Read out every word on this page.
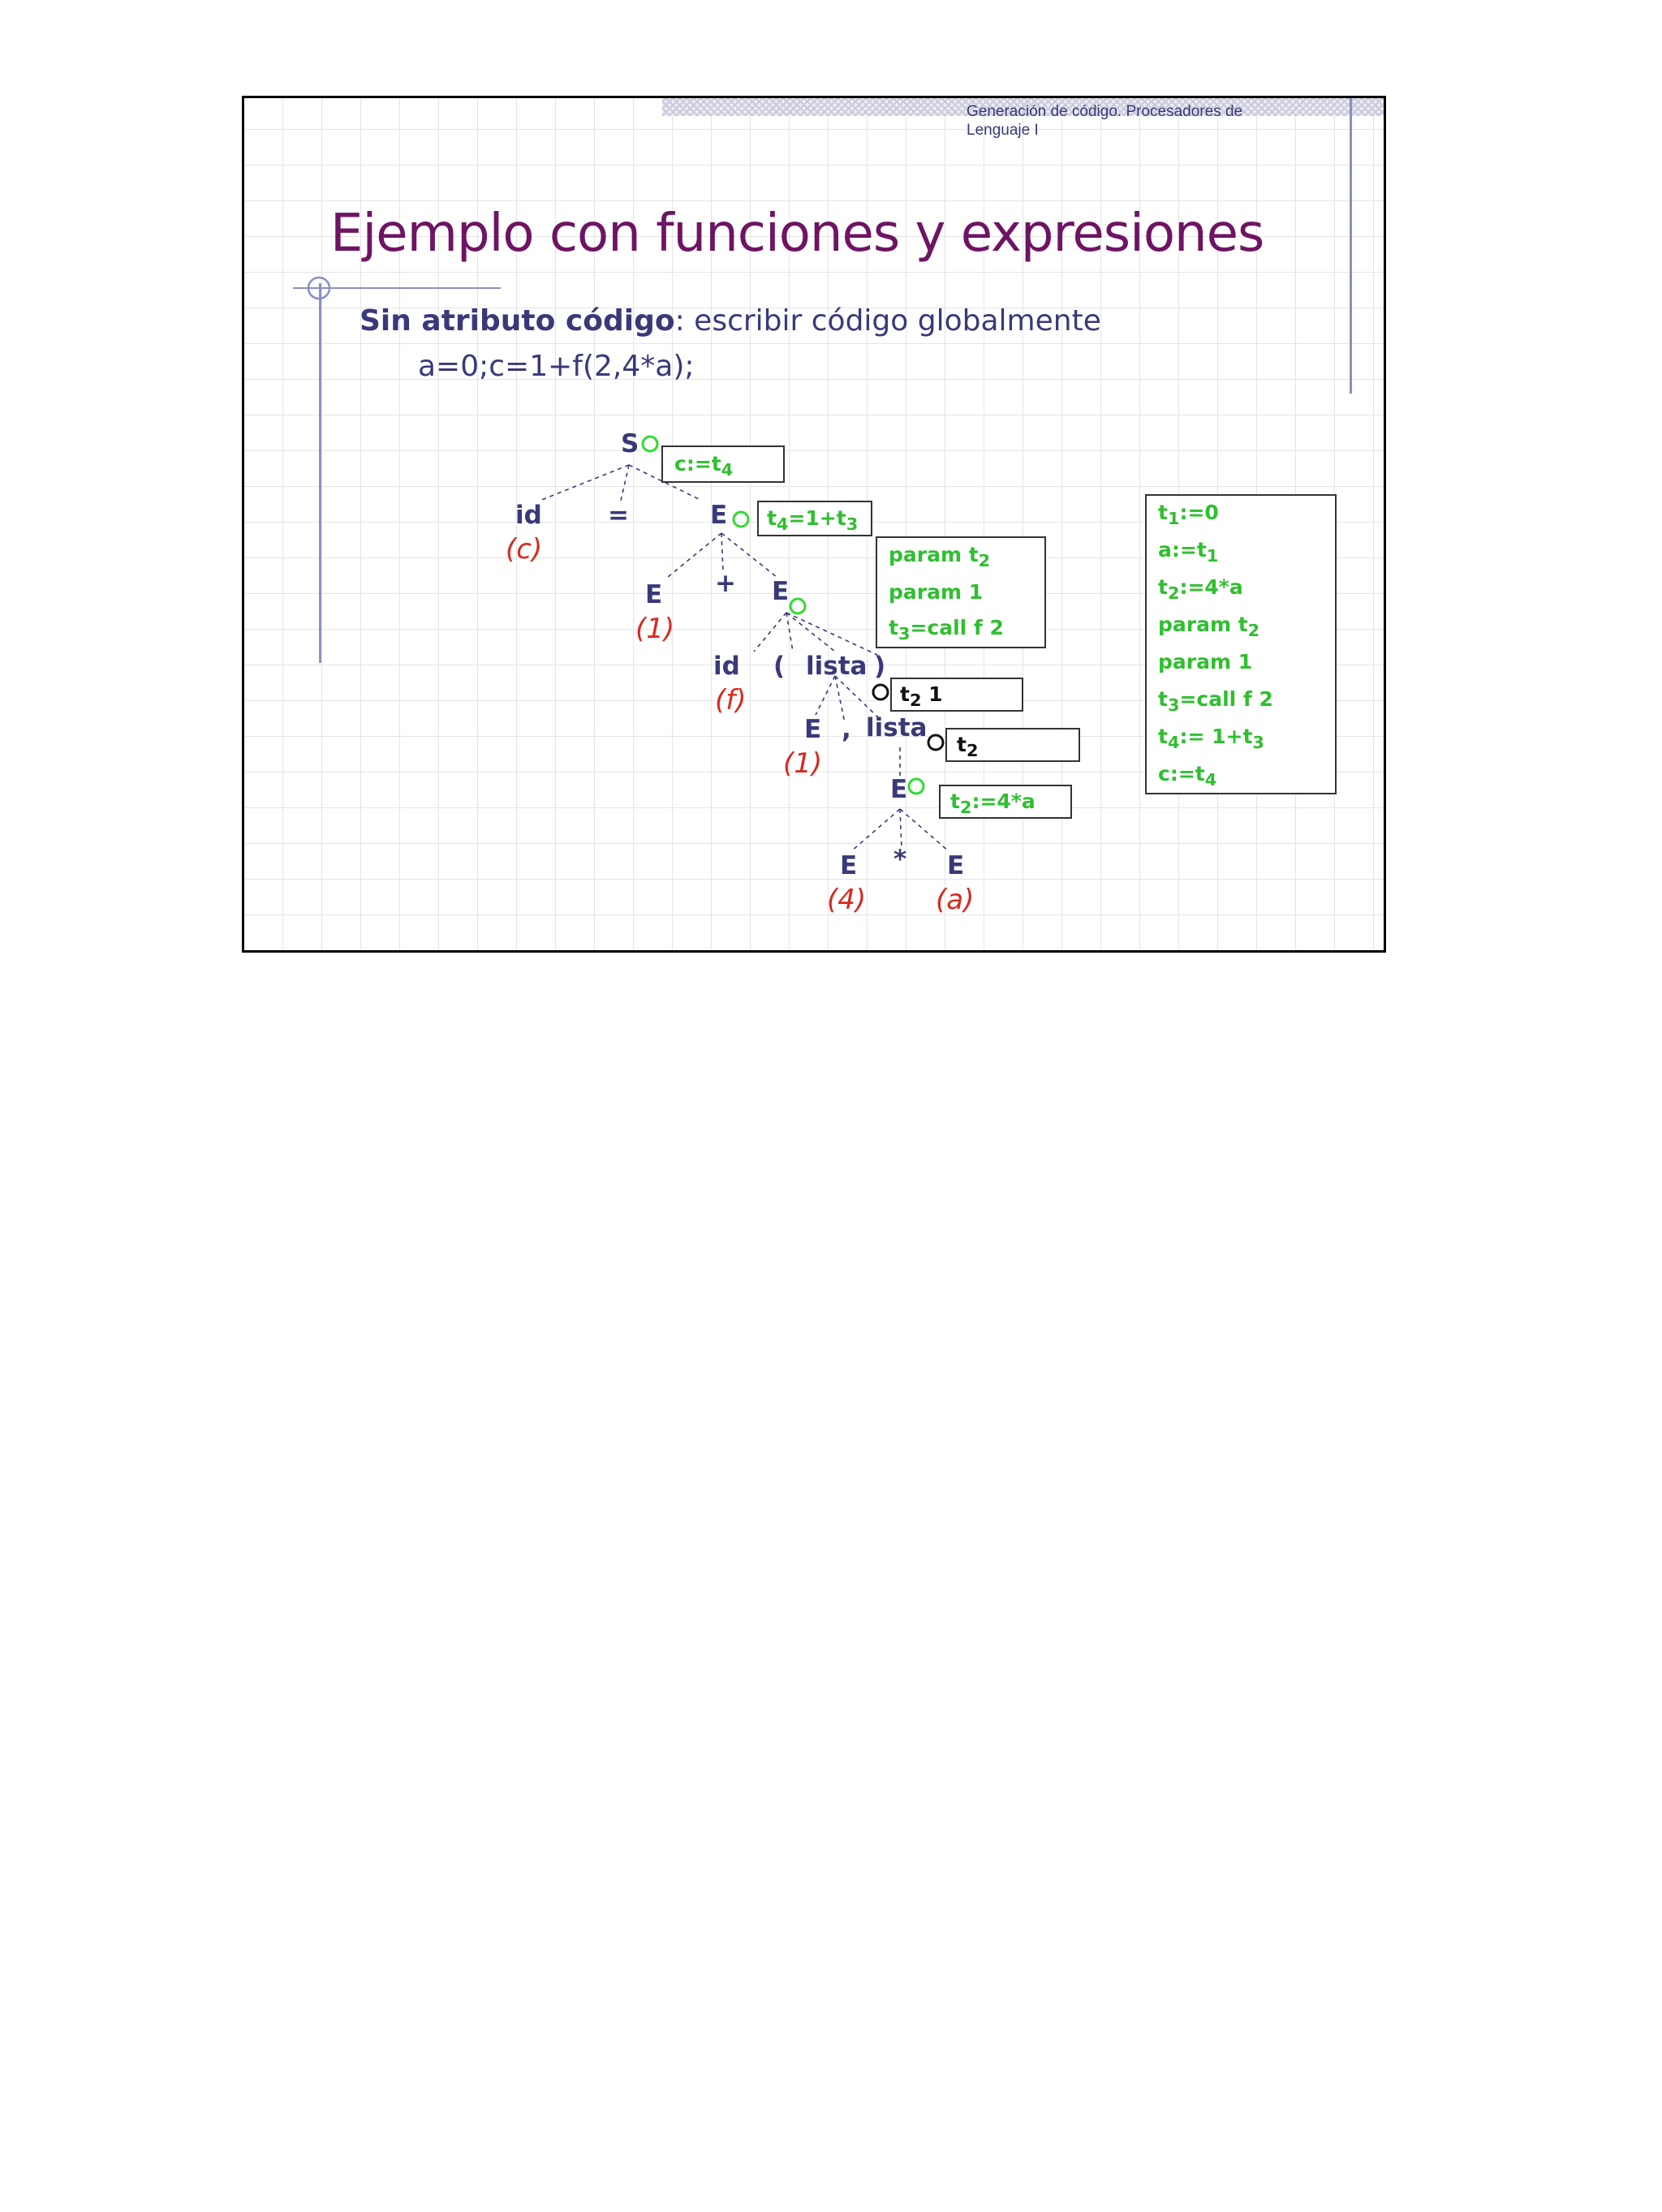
Generación de código. Procesadores de
Lenguaje I
Ejemplo con funciones y expresiones
Sin atributo código: escribir código globalmente
a=0;c=1+f(2,4*a);
S
id	=	E
(c)
E + E
(1)
id ( lista )
(f)
E , lista
(1)
E
E * E
(4)	(a)
$c:=t_4$
$t_4=1+t_3$
param $t_2$
param 1
$t_3=call$ f 2
$t_2$ 1
$t_2$
$t_2:=4*a$
$t_1:=0$
$a:=t_1$
$t_2:=4*a$
param $t_2$
param 1
$t_3=call$ f 2
$t_4:= 1+t_3$
$c:=t_4$
